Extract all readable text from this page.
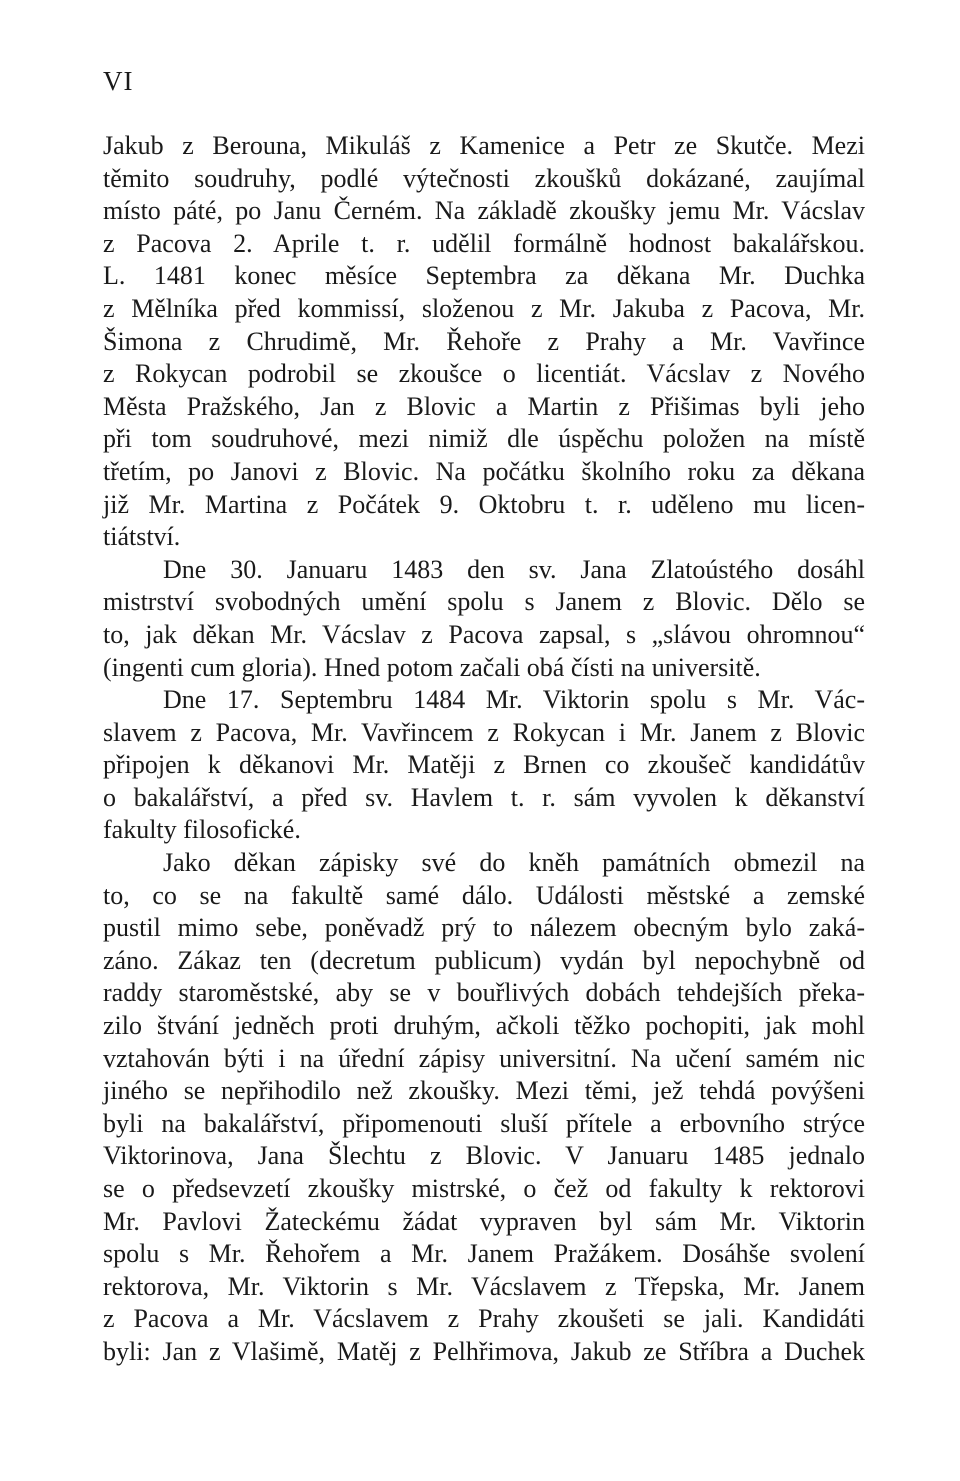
VI
Jakub z Berouna, Mikuláš z Kamenice a Petr ze Skutče. Mezi
těmito soudruhy, podlé výtečnosti zkoušků dokázané, zaujímal
místo páté, po Janu Černém. Na základě zkoušky jemu Mr. Vácslav
z Pacova 2. Aprile t. r. udělil formálně hodnost bakalářskou.
L. 1481 konec měsíce Septembra za děkana Mr. Duchka
z Mělníka před kommissí, složenou z Mr. Jakuba z Pacova, Mr.
Šimona z Chrudimě, Mr. Řehoře z Prahy a Mr. Vavřince
z Rokycan podrobil se zkoušce o licentiát. Vácslav z Nového
Města Pražského, Jan z Blovic a Martin z Přišimas byli jeho
při tom soudruhové, mezi nimiž dle úspěchu položen na místě
třetím, po Janovi z Blovic. Na počátku školního roku za děkana
již Mr. Martina z Počátek 9. Oktobru t. r. uděleno mu licen-
tiátství.
Dne 30. Januaru 1483 den sv. Jana Zlatoústého dosáhl
mistrství svobodných umění spolu s Janem z Blovic. Dělo se
to, jak děkan Mr. Vácslav z Pacova zapsal, s „slávou ohromnou“
(ingenti cum gloria). Hned potom začali obá čísti na universitě.
Dne 17. Septembru 1484 Mr. Viktorin spolu s Mr. Vác-
slavem z Pacova, Mr. Vavřincem z Rokycan i Mr. Janem z Blovic
připojen k děkanovi Mr. Matěji z Brnen co zkoušeč kandidátův
o bakalářství, a před sv. Havlem t. r. sám vyvolen k děkanství
fakulty filosofické.
Jako děkan zápisky své do kněh památních obmezil na
to, co se na fakultě samé dálo. Události městské a zemské
pustil mimo sebe, poněvadž prý to nálezem obecným bylo zaká-
záno. Zákaz ten (decretum publicum) vydán byl nepochybně od
raddy staroměstské, aby se v bouřlivých dobách tehdejších překa-
zilo štvání jedněch proti druhým, ačkoli těžko pochopiti, jak mohl
vztahován býti i na úřední zápisy universitní. Na učení samém nic
jiného se nepřihodilo než zkoušky. Mezi těmi, jež tehdá povýšeni
byli na bakalářství, připomenouti sluší přítele a erbovního strýce
Viktorinova, Jana Šlechtu z Blovic. V Januaru 1485 jednalo
se o předsevzetí zkoušky mistrské, o čež od fakulty k rektorovi
Mr. Pavlovi Žateckému žádat vypraven byl sám Mr. Viktorin
spolu s Mr. Řehořem a Mr. Janem Pražákem. Dosáhše svolení
rektorova, Mr. Viktorin s Mr. Vácslavem z Třepska, Mr. Janem
z Pacova a Mr. Vácslavem z Prahy zkoušeti se jali. Kandidáti
byli: Jan z Vlašimě, Matěj z Pelhřimova, Jakub ze Stříbra a Duchek
